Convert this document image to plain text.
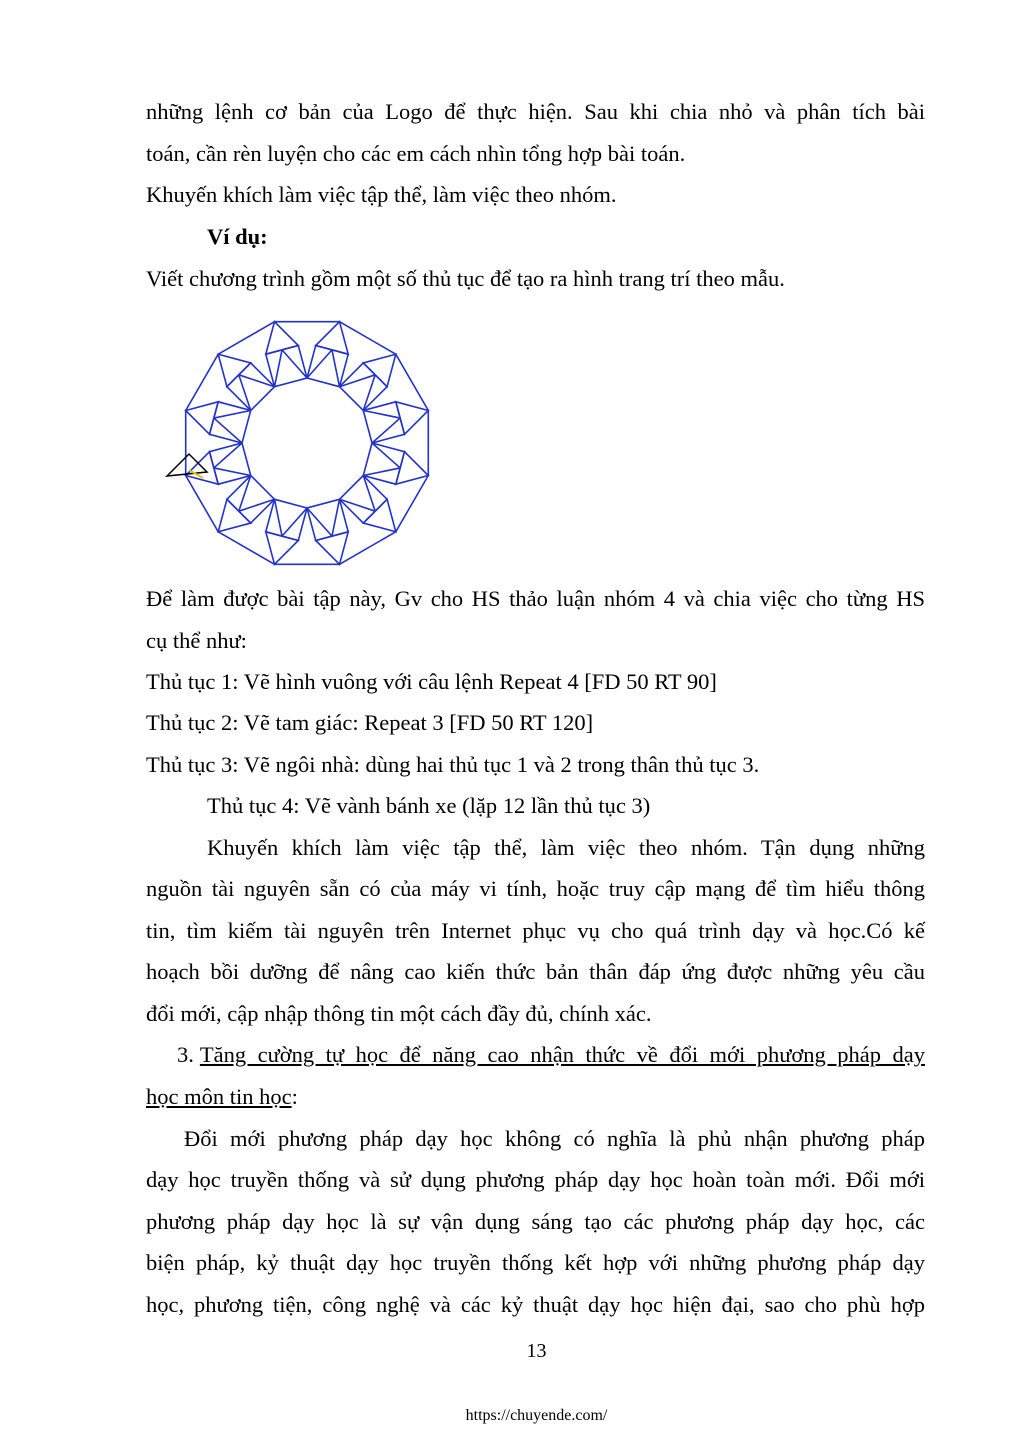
những lệnh cơ bản của Logo để thực hiện. Sau khi chia nhỏ và phân tích bài
toán, cần rèn luyện cho các em cách nhìn tổng hợp bài toán.
Khuyến khích làm việc tập thể, làm việc theo nhóm.
Ví dụ:
Viết chương trình gồm một số thủ tục để tạo ra hình trang trí theo mẫu.
Để làm được bài tập này, Gv cho HS thảo luận nhóm 4 và chia việc cho từng HS
cụ thể như:
Thủ tục 1: Vẽ hình vuông với câu lệnh Repeat 4 [FD 50 RT 90]
Thủ tục 2: Vẽ tam giác: Repeat 3 [FD 50 RT 120]
Thủ tục 3: Vẽ ngôi nhà: dùng hai thủ tục 1 và 2 trong thân thủ tục 3.
Thủ tục 4: Vẽ vành bánh xe (lặp 12 lần thủ tục 3)
Khuyến khích làm việc tập thể, làm việc theo nhóm. Tận dụng những
nguồn tài nguyên sẵn có của máy vi tính, hoặc truy cập mạng để tìm hiểu thông
tin, tìm kiếm tài nguyên trên Internet phục vụ cho quá trình dạy và học.Có kế
hoạch bồi dưỡng để nâng cao kiến thức bản thân đáp ứng được những yêu cầu
đổi mới, cập nhập thông tin một cách đầy đủ, chính xác.
3. Tăng cường tự học để năng cao nhận thức về đổi mới phương pháp dạy
học môn tin học:
Đổi mới phương pháp dạy học không có nghĩa là phủ nhận phương pháp
dạy học truyền thống và sử dụng phương pháp dạy học hoàn toàn mới. Đổi mới
phương pháp dạy học là sự vận dụng sáng tạo các phương pháp dạy học, các
biện pháp, kỷ thuật dạy học truyền thống kết hợp với những phương pháp dạy
học, phương tiện, công nghệ và các kỷ thuật dạy học hiện đại, sao cho phù hợp
13
https://chuyende.com/
